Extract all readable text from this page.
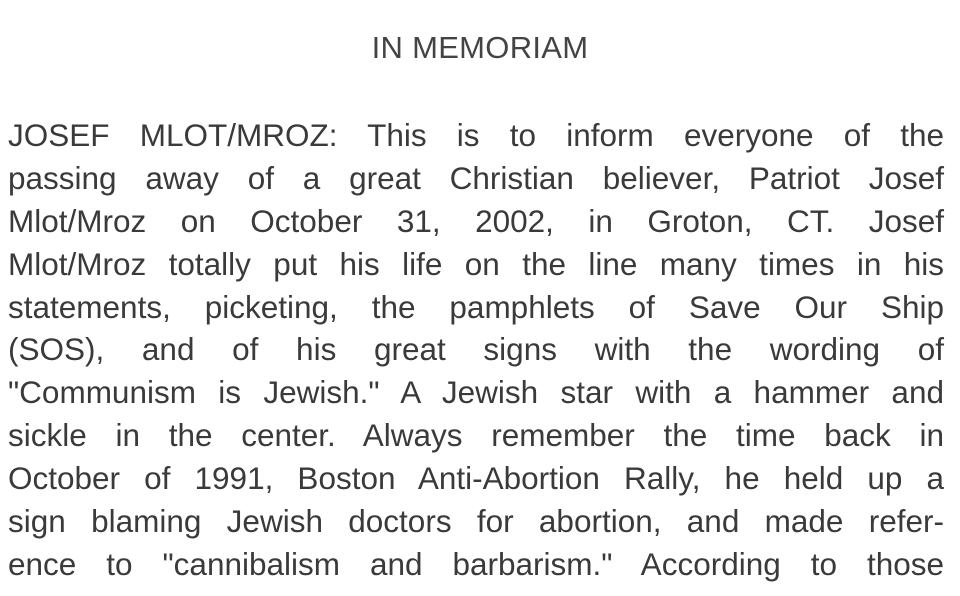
IN MEMORIAM
JOSEF MLOT/MROZ: This is to inform everyone of the
passing away of a great Christian believer, Patriot Josef
Mlot/Mroz on October 31, 2002, in Groton, CT. Josef
Mlot/Mroz totally put his life on the line many times in his
statements, picketing, the pamphlets of Save Our Ship
(SOS), and of his great signs with the wording of
"Communism is Jewish." A Jewish star with a hammer and
sickle in the center. Always remember the time back in
October of 1991, Boston Anti-Abortion Rally, he held up a
sign blaming Jewish doctors for abortion, and made refer-
ence to "cannibalism and barbarism." According to those
